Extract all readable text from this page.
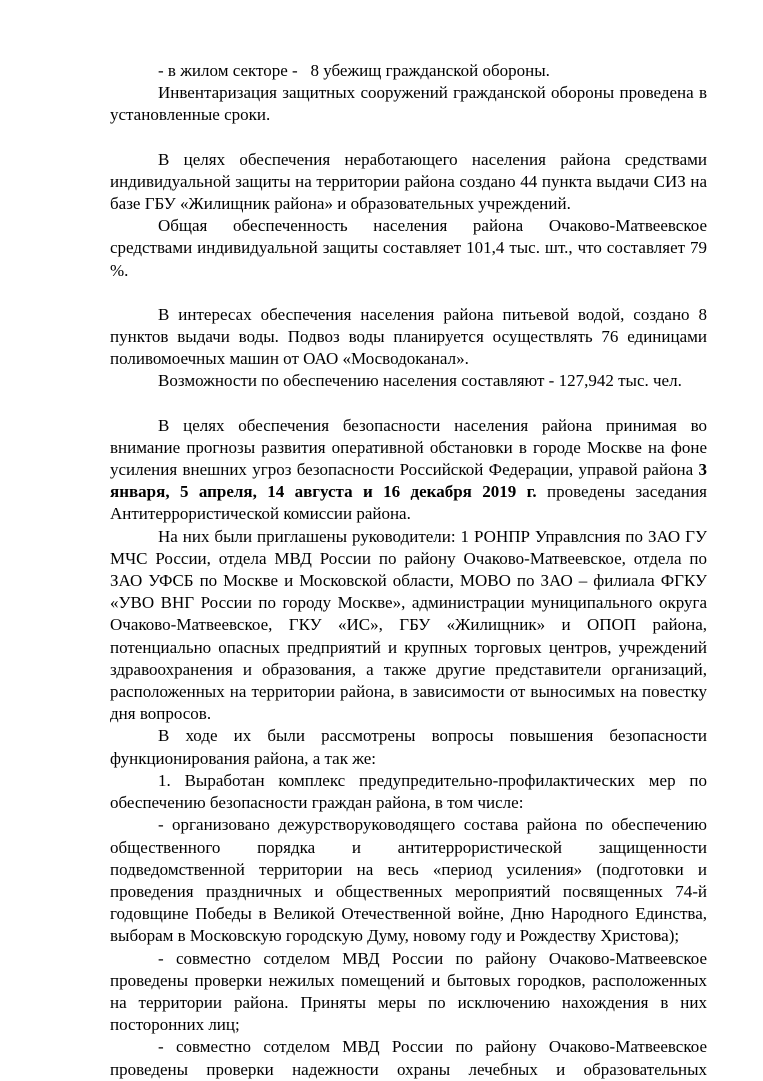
- в жилом секторе -   8 убежищ гражданской обороны.

Инвентаризация защитных сооружений гражданской обороны проведена в установленные сроки.

В целях обеспечения неработающего населения района средствами индивидуальной защиты на территории района создано 44 пункта выдачи СИЗ на базе ГБУ «Жилищник района» и образовательных учреждений.

Общая обеспеченность населения района Очаково-Матвеевское средствами индивидуальной защиты составляет 101,4 тыс. шт., что составляет 79 %.

В интересах обеспечения населения района питьевой водой, создано 8 пунктов выдачи воды. Подвоз воды планируется осуществлять 76 единицами поливомоечных машин от ОАО «Мосводоканал».

Возможности по обеспечению населения составляют - 127,942 тыс. чел.

В целях обеспечения безопасности населения района принимая во внимание прогнозы развития оперативной обстановки в городе Москве на фоне усиления внешних угроз безопасности Российской Федерации, управой района 3 января, 5 апреля, 14 августа и 16 декабря 2019 г. проведены заседания Антитеррористической комиссии района.

На них были приглашены руководители: 1 РОНПР Управлсния по ЗАО ГУ МЧС России, отдела МВД России по району Очаково-Матвеевское, отдела по ЗАО УФСБ по Москве и Московской области, МОВО по ЗАО – филиала ФГКУ «УВО ВНГ России по городу Москве», администрации муниципального округа Очаково-Матвеевское, ГКУ «ИС», ГБУ «Жилищник» и ОПОП района, потенциально опасных предприятий и крупных торговых центров, учреждений здравоохранения и образования, а также другие представители организаций, расположенных на территории района, в зависимости от выносимых на повестку дня вопросов.

В ходе их были рассмотрены вопросы повышения безопасности функционирования района, а так же:

1. Выработан комплекс предупредительно-профилактических мер по обеспечению безопасности граждан района, в том числе:

- организовано дежурстворуководящего состава района по обеспечению общественного порядка и антитеррористической защищенности подведомственной территории на весь «период усиления» (подготовки и проведения праздничных и общественных мероприятий посвященных 74-й годовщине Победы в Великой Отечественной войне, Дню Народного Единства, выборам в Московскую городскую Думу, новому году и Рождеству Христова);

- совместно сотделом МВД России по району Очаково-Матвеевское проведены проверки нежилых помещений и бытовых городков, расположенных на территории района. Приняты меры по исключению нахождения в них посторонних лиц;

- совместно сотделом МВД России по району Очаково-Матвеевское проведены проверки надежности охраны лечебных и образовательных
